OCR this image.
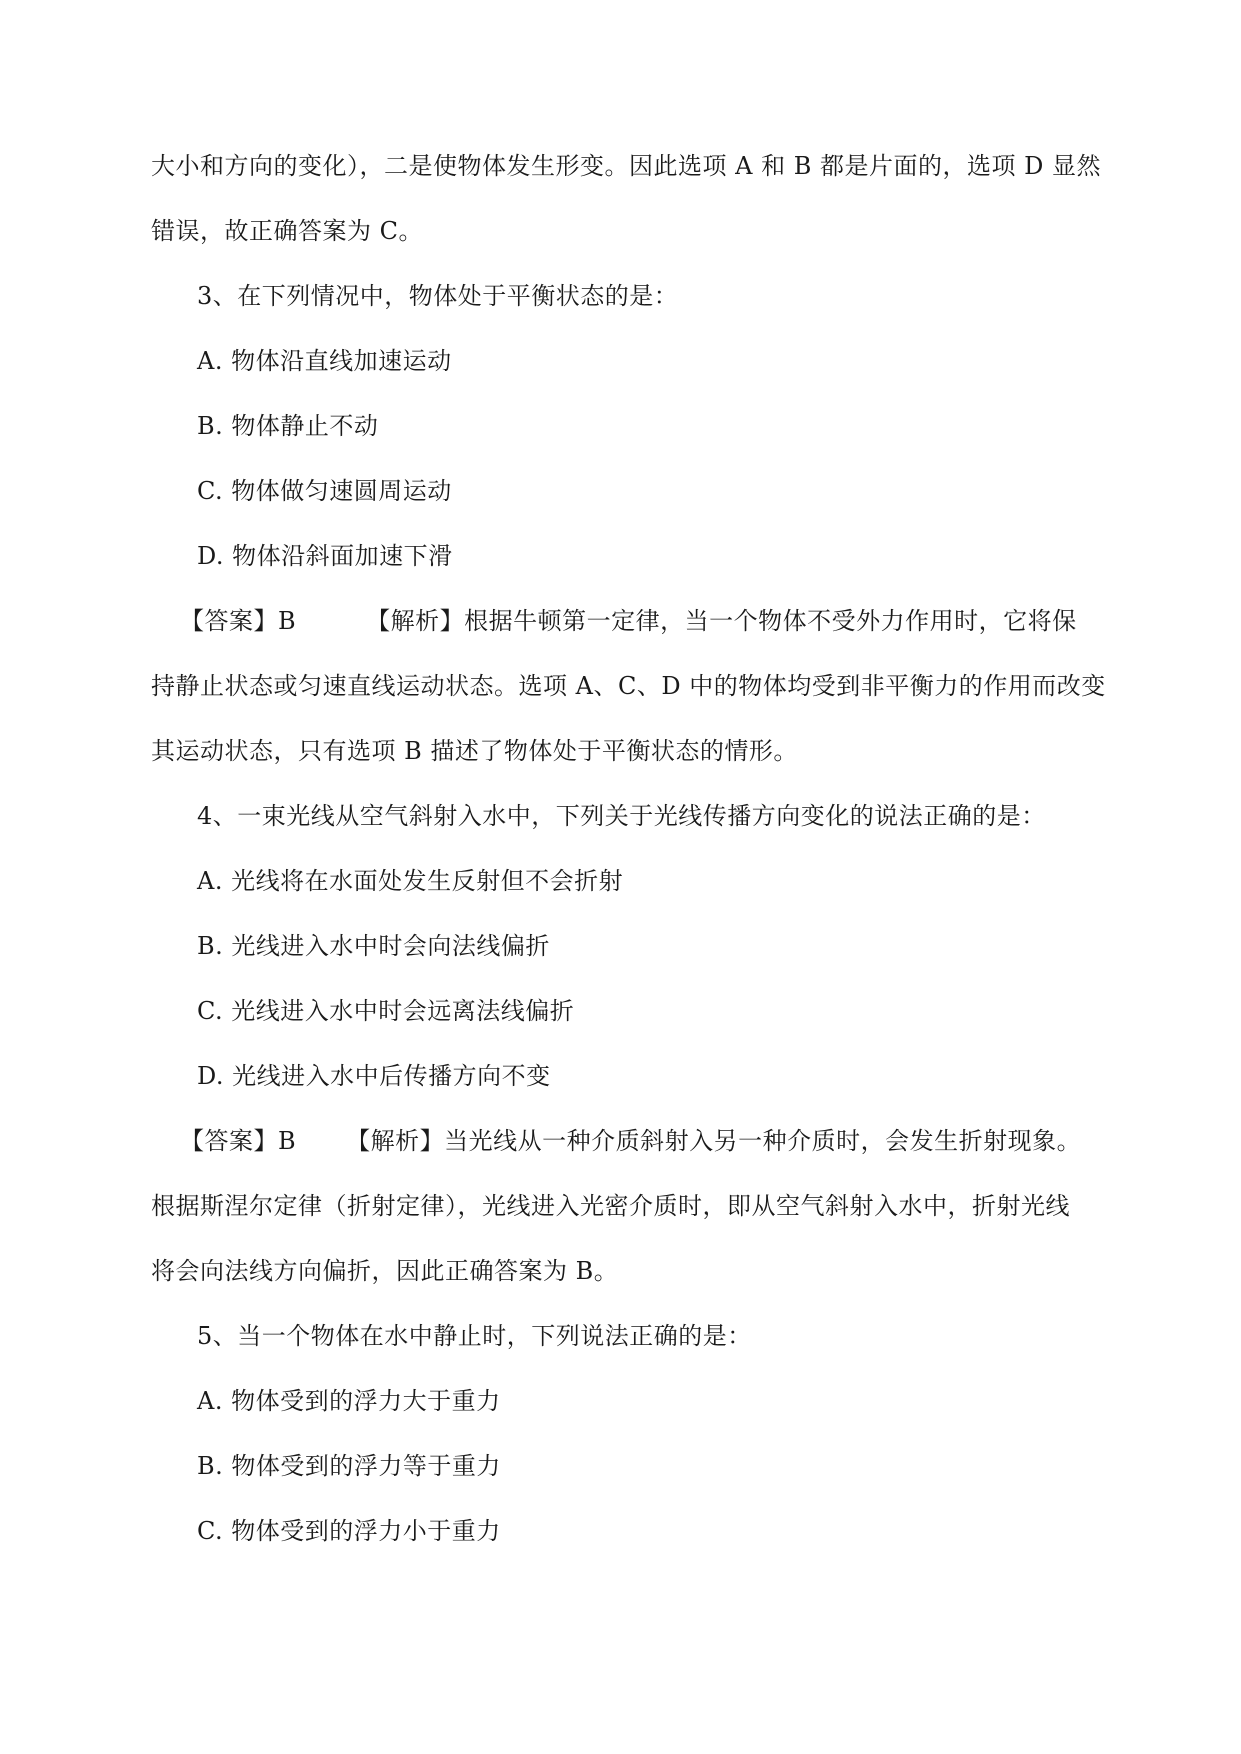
大小和方向的变化），二是使物体发生形变。因此选项 A 和 B 都是片面的，选项 D 显然
错误，故正确答案为 C。
3、在下列情况中，物体处于平衡状态的是：
A. 物体沿直线加速运动
B. 物体静止不动
C. 物体做匀速圆周运动
D. 物体沿斜面加速下滑
【答案】B	【解析】根据牛顿第一定律，当一个物体不受外力作用时，它将保
持静止状态或匀速直线运动状态。选项 A、C、D 中的物体均受到非平衡力的作用而改变
其运动状态，只有选项 B 描述了物体处于平衡状态的情形。
4、一束光线从空气斜射入水中，下列关于光线传播方向变化的说法正确的是：
A. 光线将在水面处发生反射但不会折射
B. 光线进入水中时会向法线偏折
C. 光线进入水中时会远离法线偏折
D. 光线进入水中后传播方向不变
【答案】B 【解析】当光线从一种介质斜射入另一种介质时，会发生折射现象。
根据斯涅尔定律（折射定律），光线进入光密介质时，即从空气斜射入水中，折射光线
将会向法线方向偏折，因此正确答案为 B。
5、当一个物体在水中静止时，下列说法正确的是：
A. 物体受到的浮力大于重力
B. 物体受到的浮力等于重力
C. 物体受到的浮力小于重力
